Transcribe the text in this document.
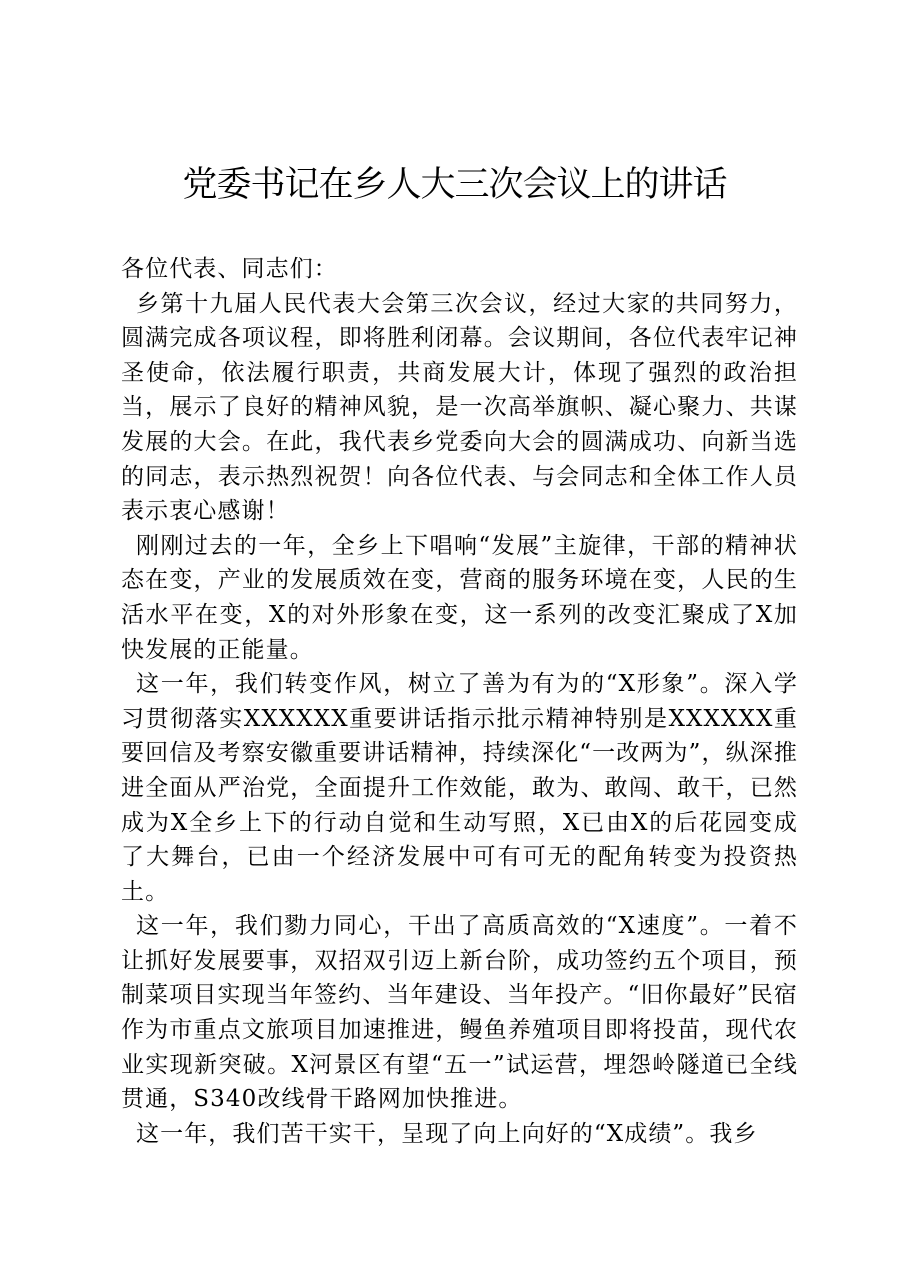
党委书记在乡人大三次会议上的讲话

各位代表、同志们：

乡第十九届人民代表大会第三次会议，经过大家的共同努力，圆满完成各项议程，即将胜利闭幕。会议期间，各位代表牢记神圣使命，依法履行职责，共商发展大计，体现了强烈的政治担当，展示了良好的精神风貌，是一次高举旗帜、凝心聚力、共谋发展的大会。在此，我代表乡党委向大会的圆满成功、向新当选的同志，表示热烈祝贺！向各位代表、与会同志和全体工作人员表示衷心感谢！

刚刚过去的一年，全乡上下唱响“发展”主旋律，干部的精神状态在变，产业的发展质效在变，营商的服务环境在变，人民的生活水平在变，X的对外形象在变，这一系列的改变汇聚成了X加快发展的正能量。

这一年，我们转变作风，树立了善为有为的“X形象”。深入学习贯彻落实XXXXXX重要讲话指示批示精神特别是XXXXXX重要回信及考察安徽重要讲话精神，持续深化“一改两为”，纵深推进全面从严治党，全面提升工作效能，敢为、敢闯、敢干，已然成为X全乡上下的行动自觉和生动写照，X已由X的后花园变成了大舞台，已由一个经济发展中可有可无的配角转变为投资热土。

这一年，我们勠力同心，干出了高质高效的“X速度”。一着不让抓好发展要事，双招双引迈上新台阶，成功签约五个项目，预制菜项目实现当年签约、当年建设、当年投产。“旧你最好”民宿作为市重点文旅项目加速推进，鳗鱼养殖项目即将投苗，现代农业实现新突破。X河景区有望“五一”试运营，埋怨岭隧道已全线贯通，S340改线骨干路网加快推进。

这一年，我们苦干实干，呈现了向上向好的“X成绩”。我乡
